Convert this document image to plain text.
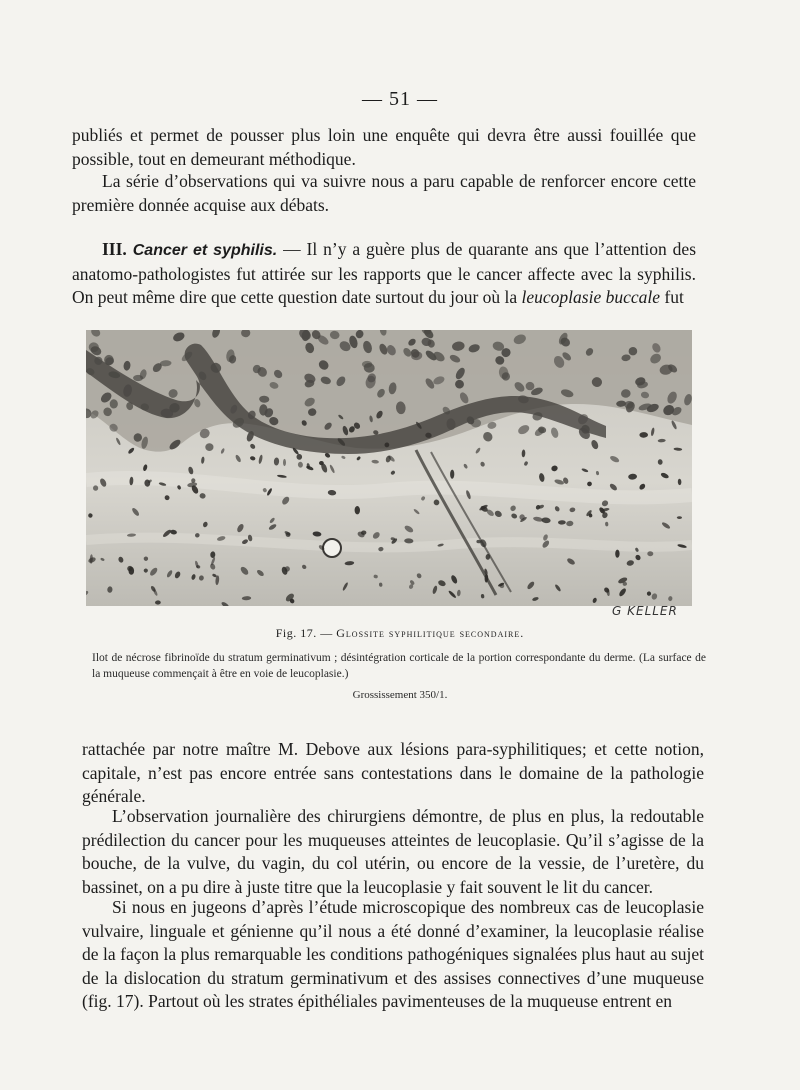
— 51 —

publiés et permet de pousser plus loin une enquête qui devra être aussi fouillée que possible, tout en demeurant méthodique.

La série d’observations qui va suivre nous a paru capable de renforcer encore cette première donnée acquise aux débats.

III. Cancer et syphilis. — Il n’y a guère plus de quarante ans que l’attention des anatomo-pathologistes fut attirée sur les rapports que le cancer affecte avec la syphilis. On peut même dire que cette question date surtout du jour où la leucoplasie buccale fut

G KELLER
Fig. 17. — Glossite syphilitique secondaire.

Ilot de nécrose fibrinoïde du stratum germinativum ; désintégration corticale de la portion correspondante du derme. (La surface de la muqueuse commençait à être en voie de leucoplasie.)

Grossissement 350/1.

rattachée par notre maître M. Debove aux lésions para-syphilitiques; et cette notion, capitale, n’est pas encore entrée sans contestations dans le domaine de la pathologie générale.

L’observation journalière des chirurgiens démontre, de plus en plus, la redoutable prédilection du cancer pour les muqueuses atteintes de leucoplasie. Qu’il s’agisse de la bouche, de la vulve, du vagin, du col utérin, ou encore de la vessie, de l’uretère, du bassinet, on a pu dire à juste titre que la leucoplasie y fait souvent le lit du cancer.

Si nous en jugeons d’après l’étude microscopique des nombreux cas de leucoplasie vulvaire, linguale et génienne qu’il nous a été donné d’examiner, la leucoplasie réalise de la façon la plus remarquable les conditions pathogéniques signalées plus haut au sujet de la dislocation du stratum germinativum et des assises connectives d’une muqueuse (fig. 17). Partout où les strates épithéliales pavimenteuses de la muqueuse entrent en
